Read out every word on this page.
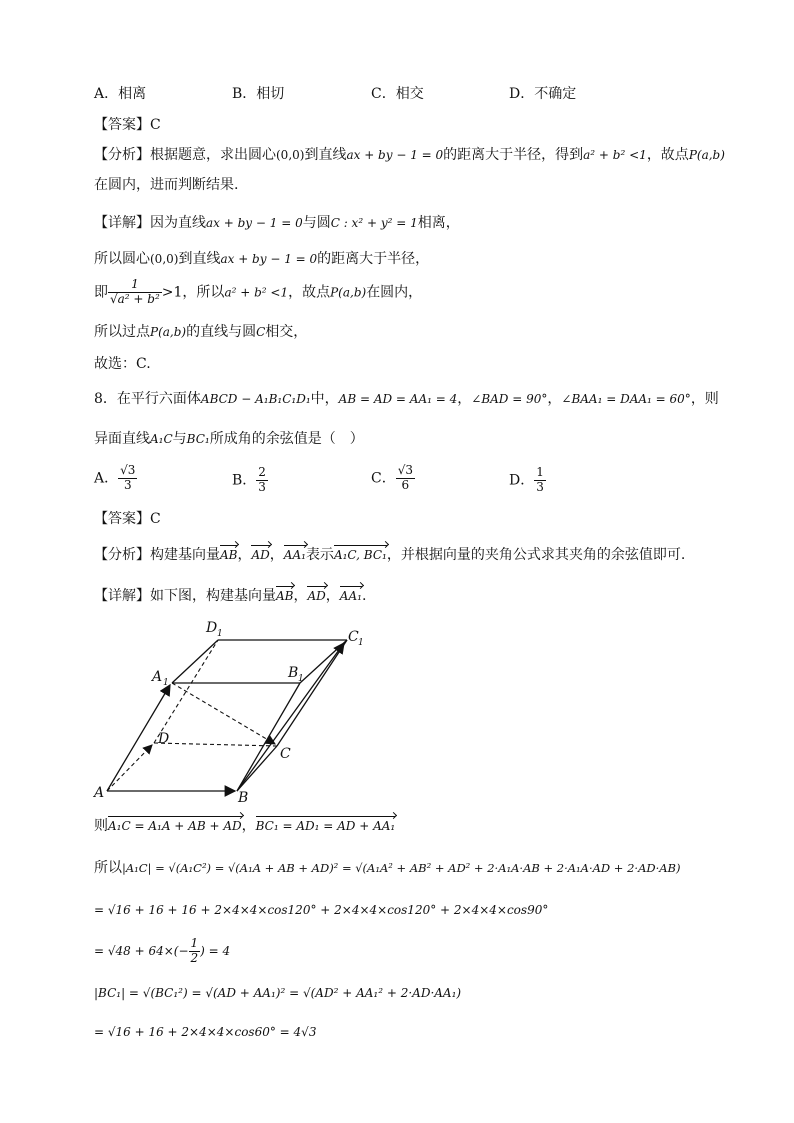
A．相离	B．相切	C．相交	D．不确定
【答案】C
【分析】根据题意，求出圆心(0,0)到直线ax + by − 1 = 0的距离大于半径，得到a² + b² <1，故点P(a,b)
在圆内，进而判断结果.
【详解】因为直线ax + by − 1 = 0与圆C : x² + y² = 1相离，
所以圆心(0,0)到直线ax + by − 1 = 0的距离大于半径，
即 $\frac{1}{\text{√a² + b²}} >1$，所以a² + b² <1，故点P(a,b)在圆内，
所以过点P(a,b)的直线与圆C相交，
故选：C.
8．在平行六面体ABCD − A₁B₁C₁D₁中，AB = AD = AA₁ = 4，∠BAD = 90°，∠BAA₁ = DAA₁ = 60°，则
异面直线A₁C与BC₁所成角的余弦值是（　）
A． $\frac{√3}{3}$	B． $\frac{2}{3}$	C． $\frac{√3}{6}$	D． $\frac{1}{3}$
【答案】C
【分析】构建基向量AB，AD，AA₁表示A₁C, BC₁，并根据向量的夹角公式求其夹角的余弦值即可.
【详解】如下图，构建基向量AB，AD，AA₁.
A	B
C
D
A 1
B 1
C 1
D 1
则A₁C = A₁A + AB + AD，BC₁ = AD₁ = AD + AA₁
所以|A₁C| = √(A₁C²) = √(A₁A + AB + AD)² = √(A₁A² + AB² + AD² + 2·A₁A·AB + 2·A₁A·AD + 2·AD·AB)
= √16 + 16 + 16 + 2×4×4×cos120° + 2×4×4×cos120° + 2×4×4×cos90°
= $√48 + 64\times(- \frac{1}{2}$ ) = 4
|BC₁| = √(BC₁²) = √(AD + AA₁)² = √(AD² + AA₁² + 2·AD·AA₁)
= √16 + 16 + 2×4×4×cos60° = 4√3
